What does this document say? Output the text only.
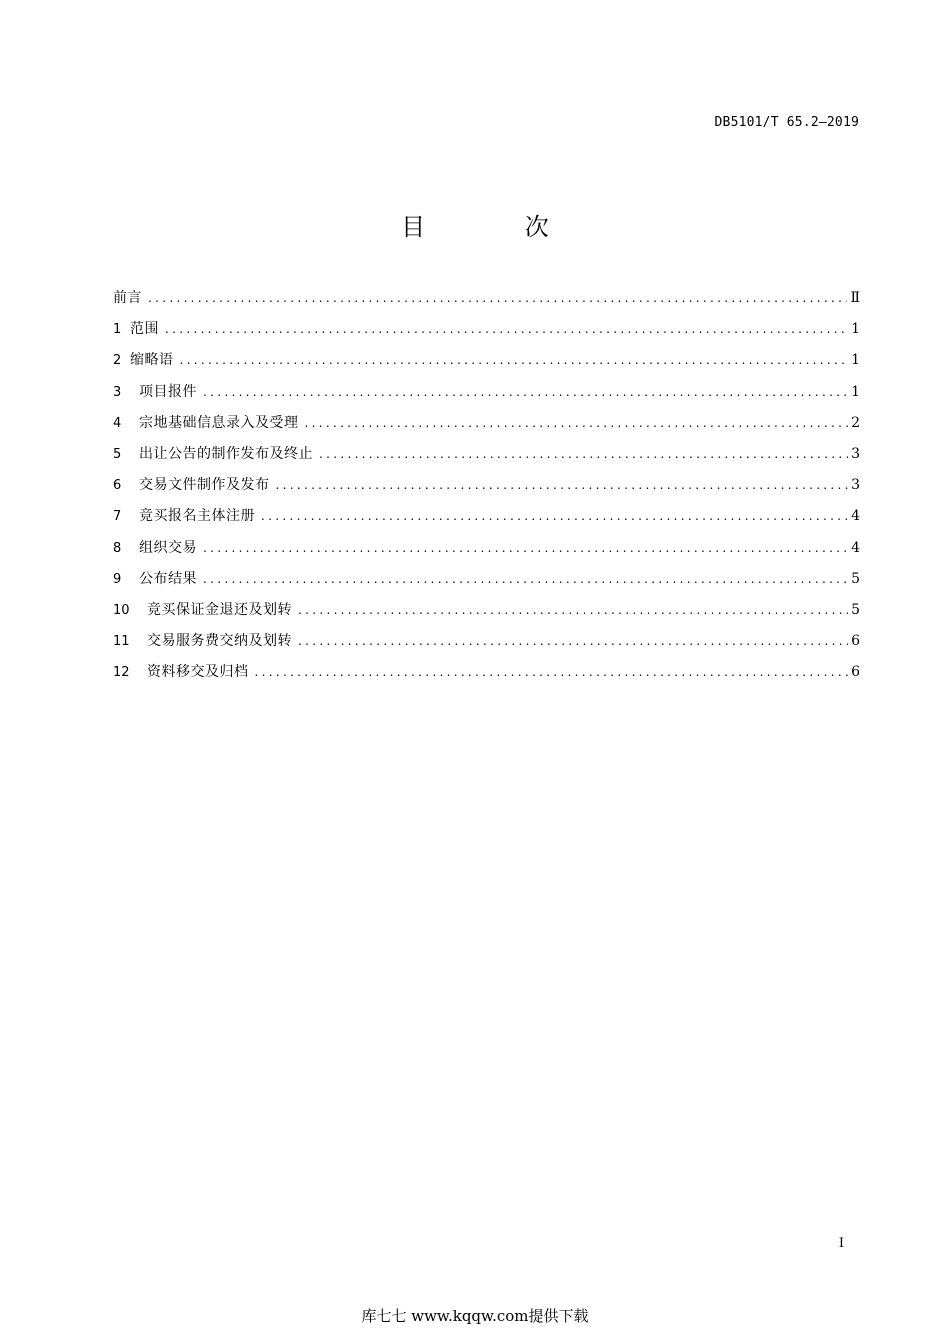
DB5101/T 65.2—2019
目 次
前言 .....	Ⅱ
1 范围 .....	1
2 缩略语 .....	1
3	项目报件 .....	1
4	宗地基础信息录入及受理 .....	2
5	出让公告的制作发布及终止 .....	3
6	交易文件制作及发布 .....	3
7	竞买报名主体注册 .....	4
8	组织交易 .....	4
9	公布结果 .....	5
10	竞买保证金退还及划转 .....	5
11	交易服务费交纳及划转 .....	6
12	资料移交及归档 .....	6
I
库七七 www.kqqw.com提供下载
